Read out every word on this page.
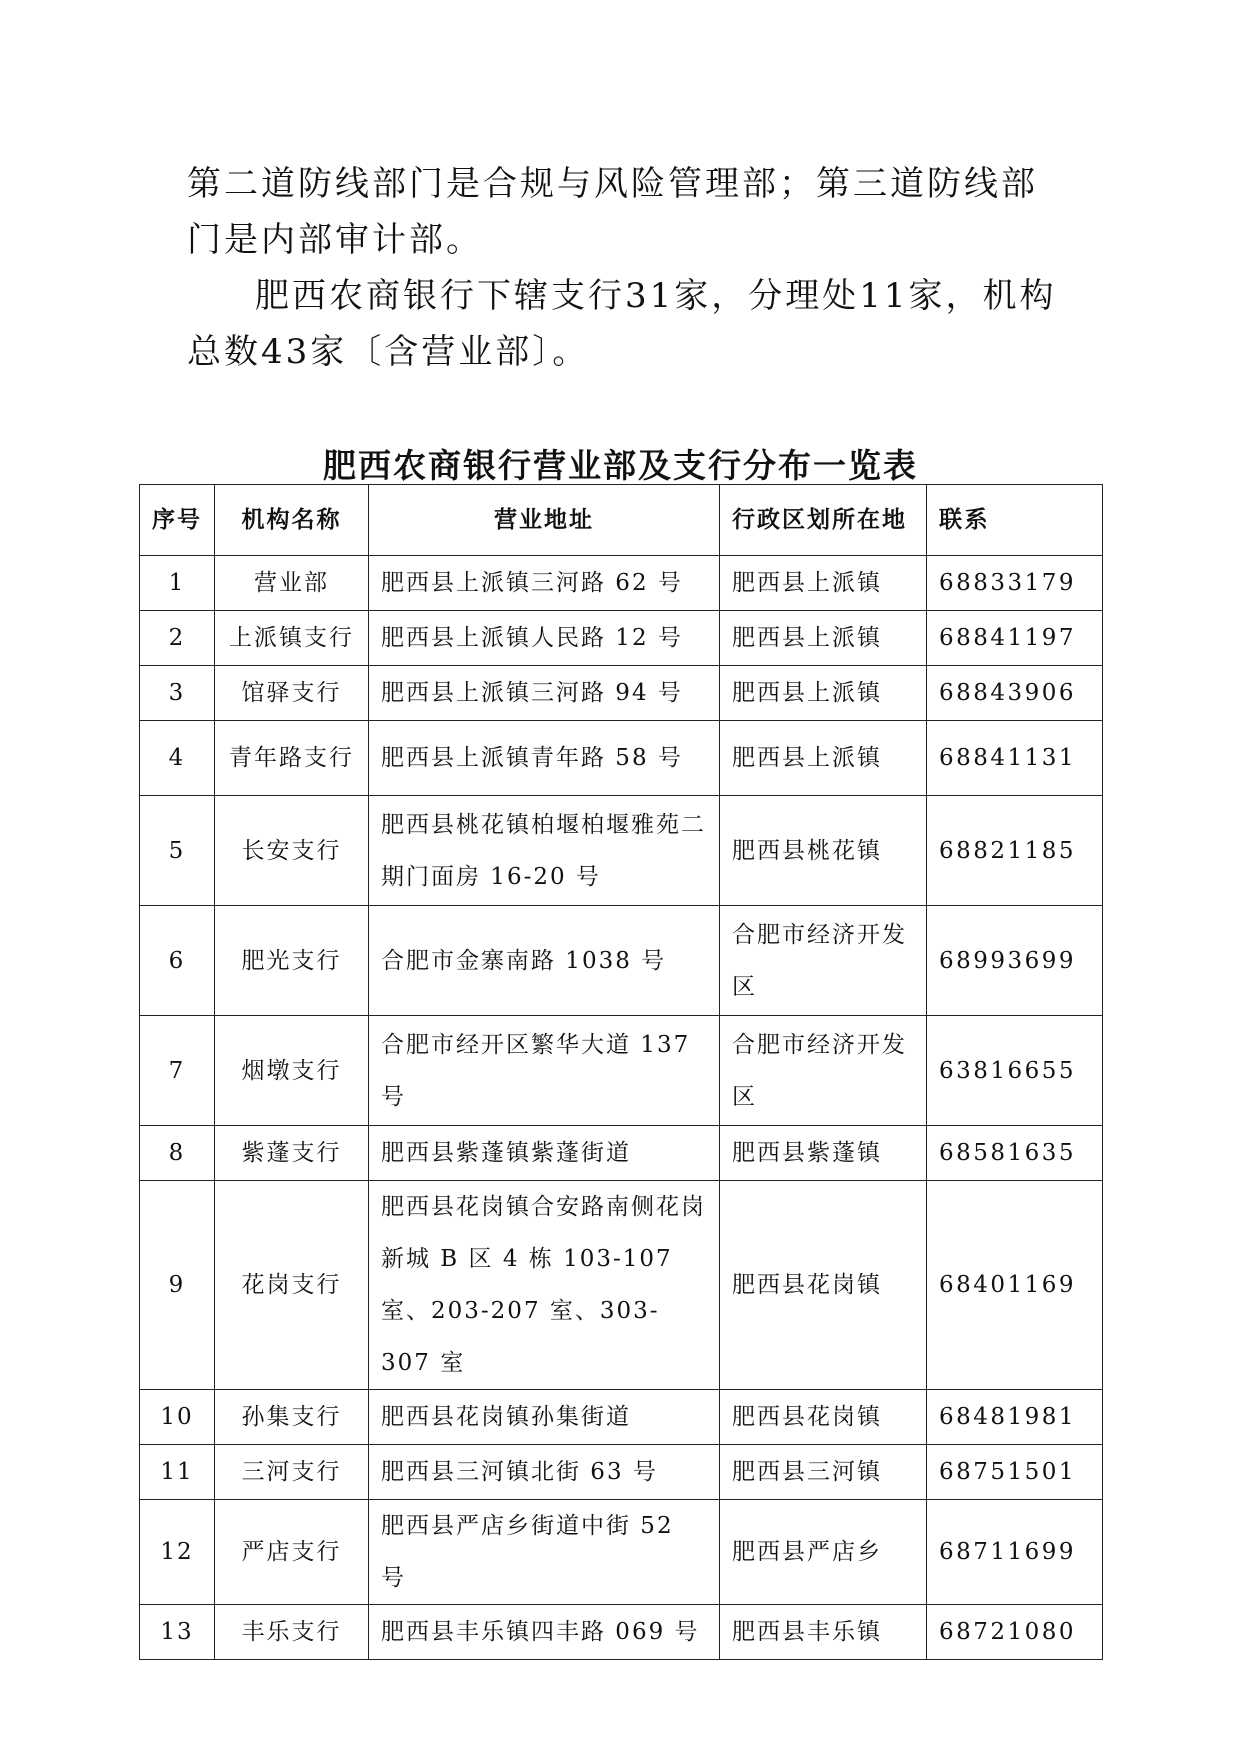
第二道防线部门是合规与风险管理部；第三道防线部门是内部审计部。

肥西农商银行下辖支行31家，分理处11家，机构总数43家〔含营业部〕。

肥西农商银行营业部及支行分布一览表
序号	机构名称	营业地址	行政区划所在地	联系
1	营业部	肥西县上派镇三河路 62 号	肥西县上派镇	68833179
2	上派镇支行	肥西县上派镇人民路 12 号	肥西县上派镇	68841197
3	馆驿支行	肥西县上派镇三河路 94 号	肥西县上派镇	68843906
4	青年路支行	肥西县上派镇青年路 58 号	肥西县上派镇	68841131
5	长安支行	肥西县桃花镇柏堰柏堰雅苑二期门面房 16-20 号	肥西县桃花镇	68821185
6	肥光支行	合肥市金寨南路 1038 号	合肥市经济开发区	68993699
7	烟墩支行	合肥市经开区繁华大道 137 号	合肥市经济开发区	63816655
8	紫蓬支行	肥西县紫蓬镇紫蓬街道	肥西县紫蓬镇	68581635
9	花岗支行	肥西县花岗镇合安路南侧花岗新城 B 区 4 栋 103-107 室、203-207 室、303-307 室	肥西县花岗镇	68401169
10	孙集支行	肥西县花岗镇孙集街道	肥西县花岗镇	68481981
11	三河支行	肥西县三河镇北街 63 号	肥西县三河镇	68751501
12	严店支行	肥西县严店乡街道中街 52 号	肥西县严店乡	68711699
13	丰乐支行	肥西县丰乐镇四丰路 069 号	肥西县丰乐镇	68721080
